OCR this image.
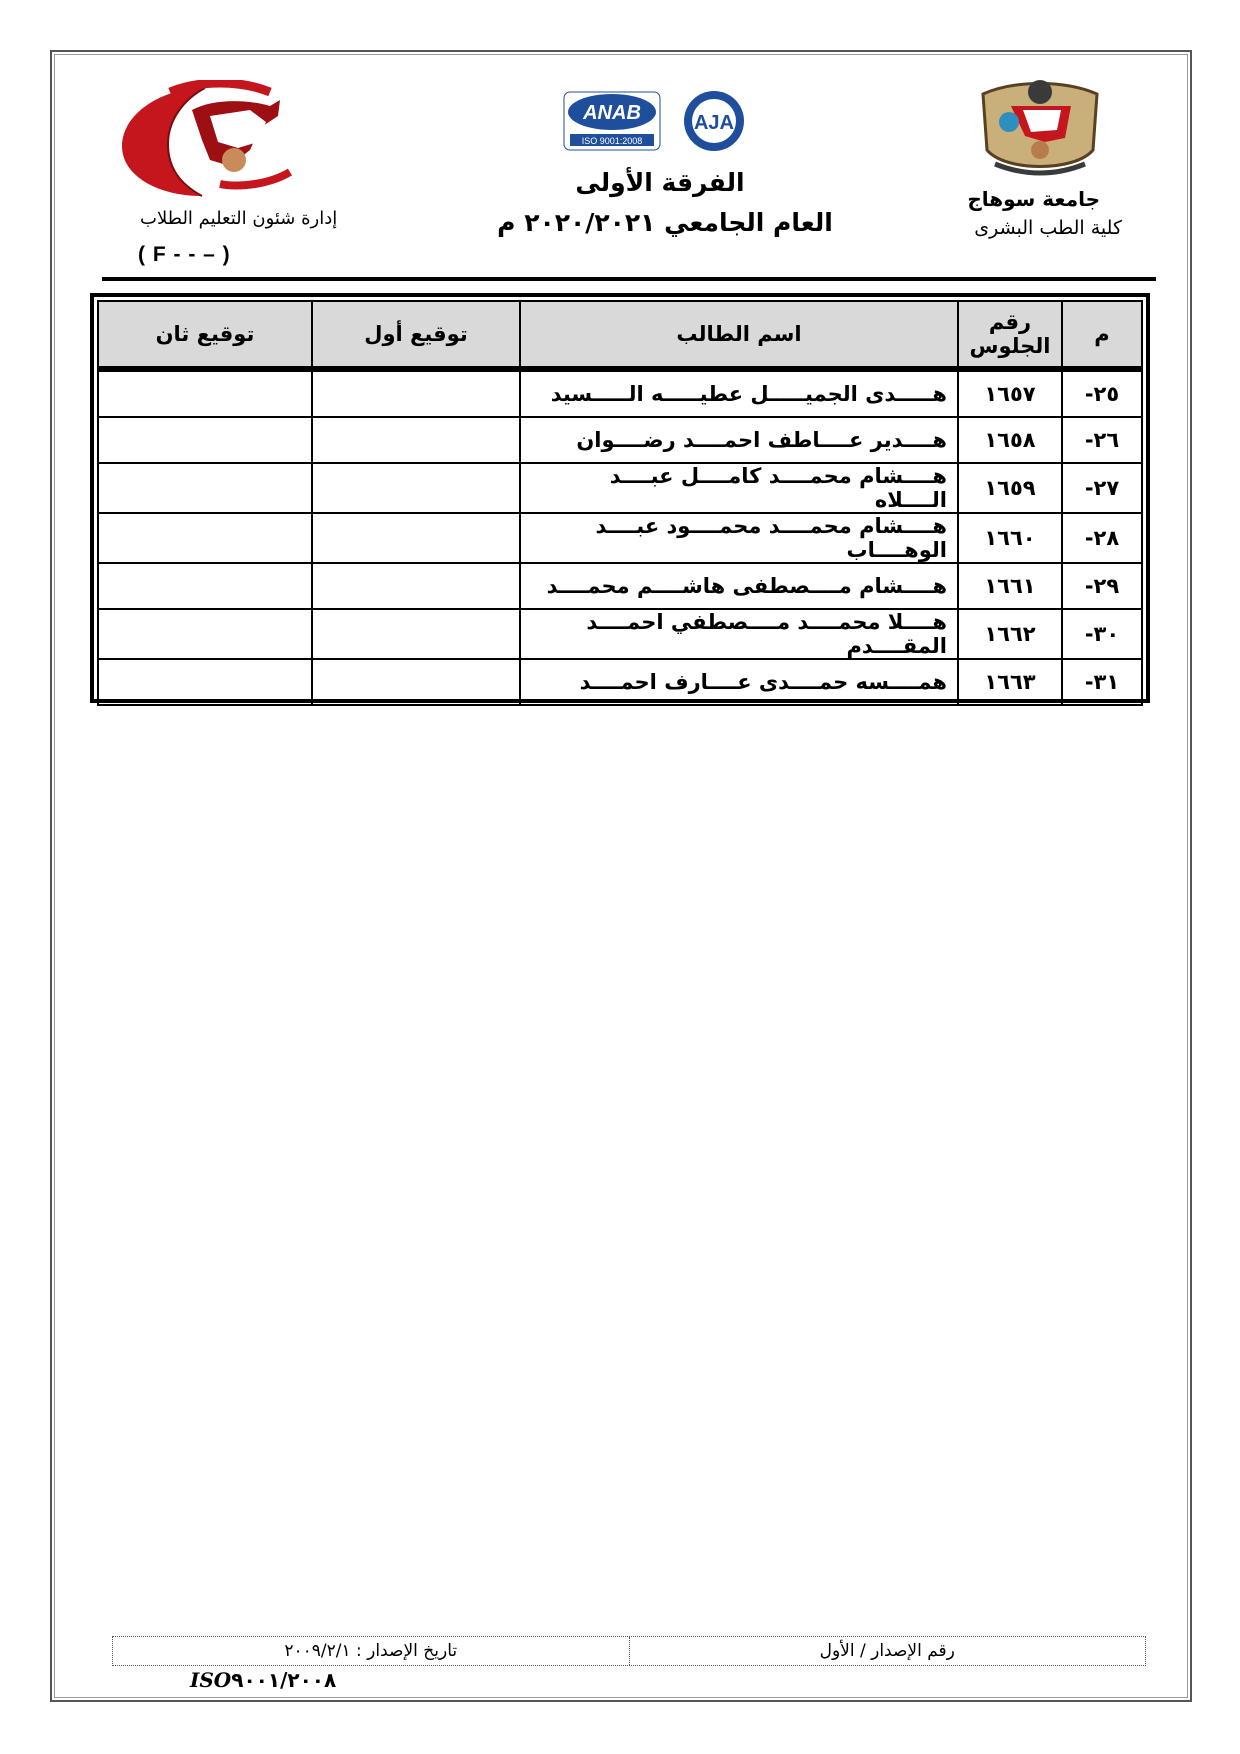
ANAB
ISO 9001:2008
AJA
جامعة سوهاج
كلية الطب البشرى
الفرقة الأولى
العام الجامعي ٢٠٢٠/٢٠٢١ م
إدارة شئون التعليم الطلاب
( F - - – )
م	رقم الجلوس	اسم الطالب	توقيع أول	توقيع ثان
٢٥-	١٦٥٧	هـــــدى الجميـــــل عطيـــــه الـــــسيد		
٢٦-	١٦٥٨	هــــدير عــــاطف احمــــد رضــــوان		
٢٧-	١٦٥٩	هــــشام محمــــد كامــــل عبــــد الــــلاه		
٢٨-	١٦٦٠	هــــشام محمــــد محمــــود عبــــد الوهــــاب		
٢٩-	١٦٦١	هــــشام مــــصطفى هاشــــم محمــــد		
٣٠-	١٦٦٢	هــــلا محمــــد مــــصطفي احمــــد المقــــدم		
٣١-	١٦٦٣	همــــسه حمــــدى عــــارف احمــــد		
رقم الإصدار / الأول
تاريخ الإصدار : ٢٠٠٩/٢/١
ISO٩٠٠١/٢٠٠٨
